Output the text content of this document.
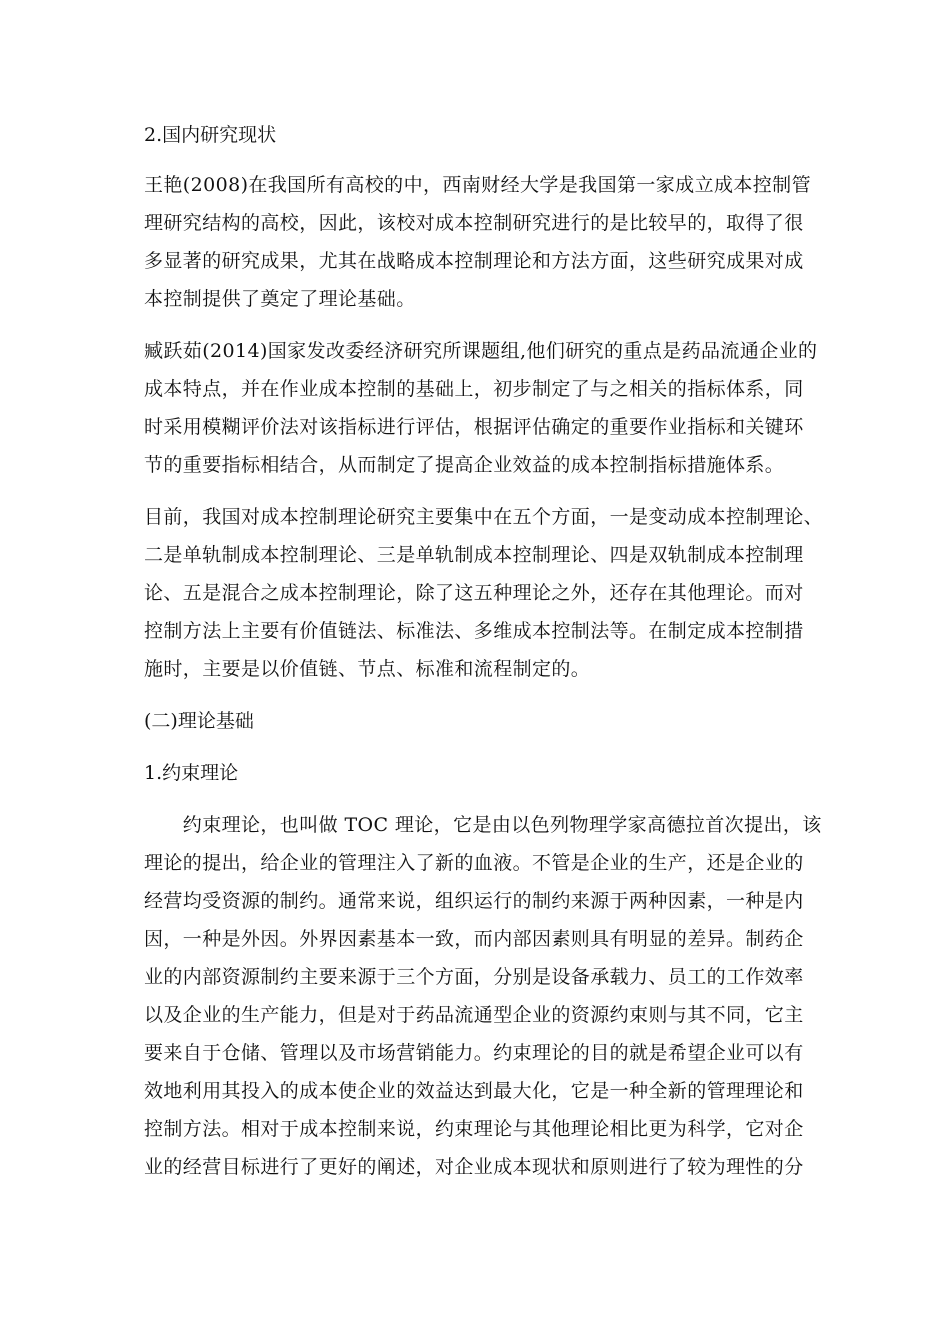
2.国内研究现状
王艳(2008)在我国所有高校的中，西南财经大学是我国第一家成立成本控制管
理研究结构的高校，因此，该校对成本控制研究进行的是比较早的，取得了很
多显著的研究成果，尤其在战略成本控制理论和方法方面，这些研究成果对成
本控制提供了奠定了理论基础。
臧跃茹(2014)国家发改委经济研究所课题组,他们研究的重点是药品流通企业的
成本特点，并在作业成本控制的基础上，初步制定了与之相关的指标体系，同
时采用模糊评价法对该指标进行评估，根据评估确定的重要作业指标和关键环
节的重要指标相结合，从而制定了提高企业效益的成本控制指标措施体系。
目前，我国对成本控制理论研究主要集中在五个方面，一是变动成本控制理论、
二是单轨制成本控制理论、三是单轨制成本控制理论、四是双轨制成本控制理
论、五是混合之成本控制理论，除了这五种理论之外，还存在其他理论。而对
控制方法上主要有价值链法、标准法、多维成本控制法等。在制定成本控制措
施时，主要是以价值链、节点、标准和流程制定的。
(二)理论基础
1.约束理论
　　约束理论，也叫做 TOC 理论，它是由以色列物理学家高德拉首次提出，该
理论的提出，给企业的管理注入了新的血液。不管是企业的生产，还是企业的
经营均受资源的制约。通常来说，组织运行的制约来源于两种因素，一种是内
因，一种是外因。外界因素基本一致，而内部因素则具有明显的差异。制药企
业的内部资源制约主要来源于三个方面，分别是设备承载力、员工的工作效率
以及企业的生产能力，但是对于药品流通型企业的资源约束则与其不同，它主
要来自于仓储、管理以及市场营销能力。约束理论的目的就是希望企业可以有
效地利用其投入的成本使企业的效益达到最大化，它是一种全新的管理理论和
控制方法。相对于成本控制来说，约束理论与其他理论相比更为科学，它对企
业的经营目标进行了更好的阐述，对企业成本现状和原则进行了较为理性的分
